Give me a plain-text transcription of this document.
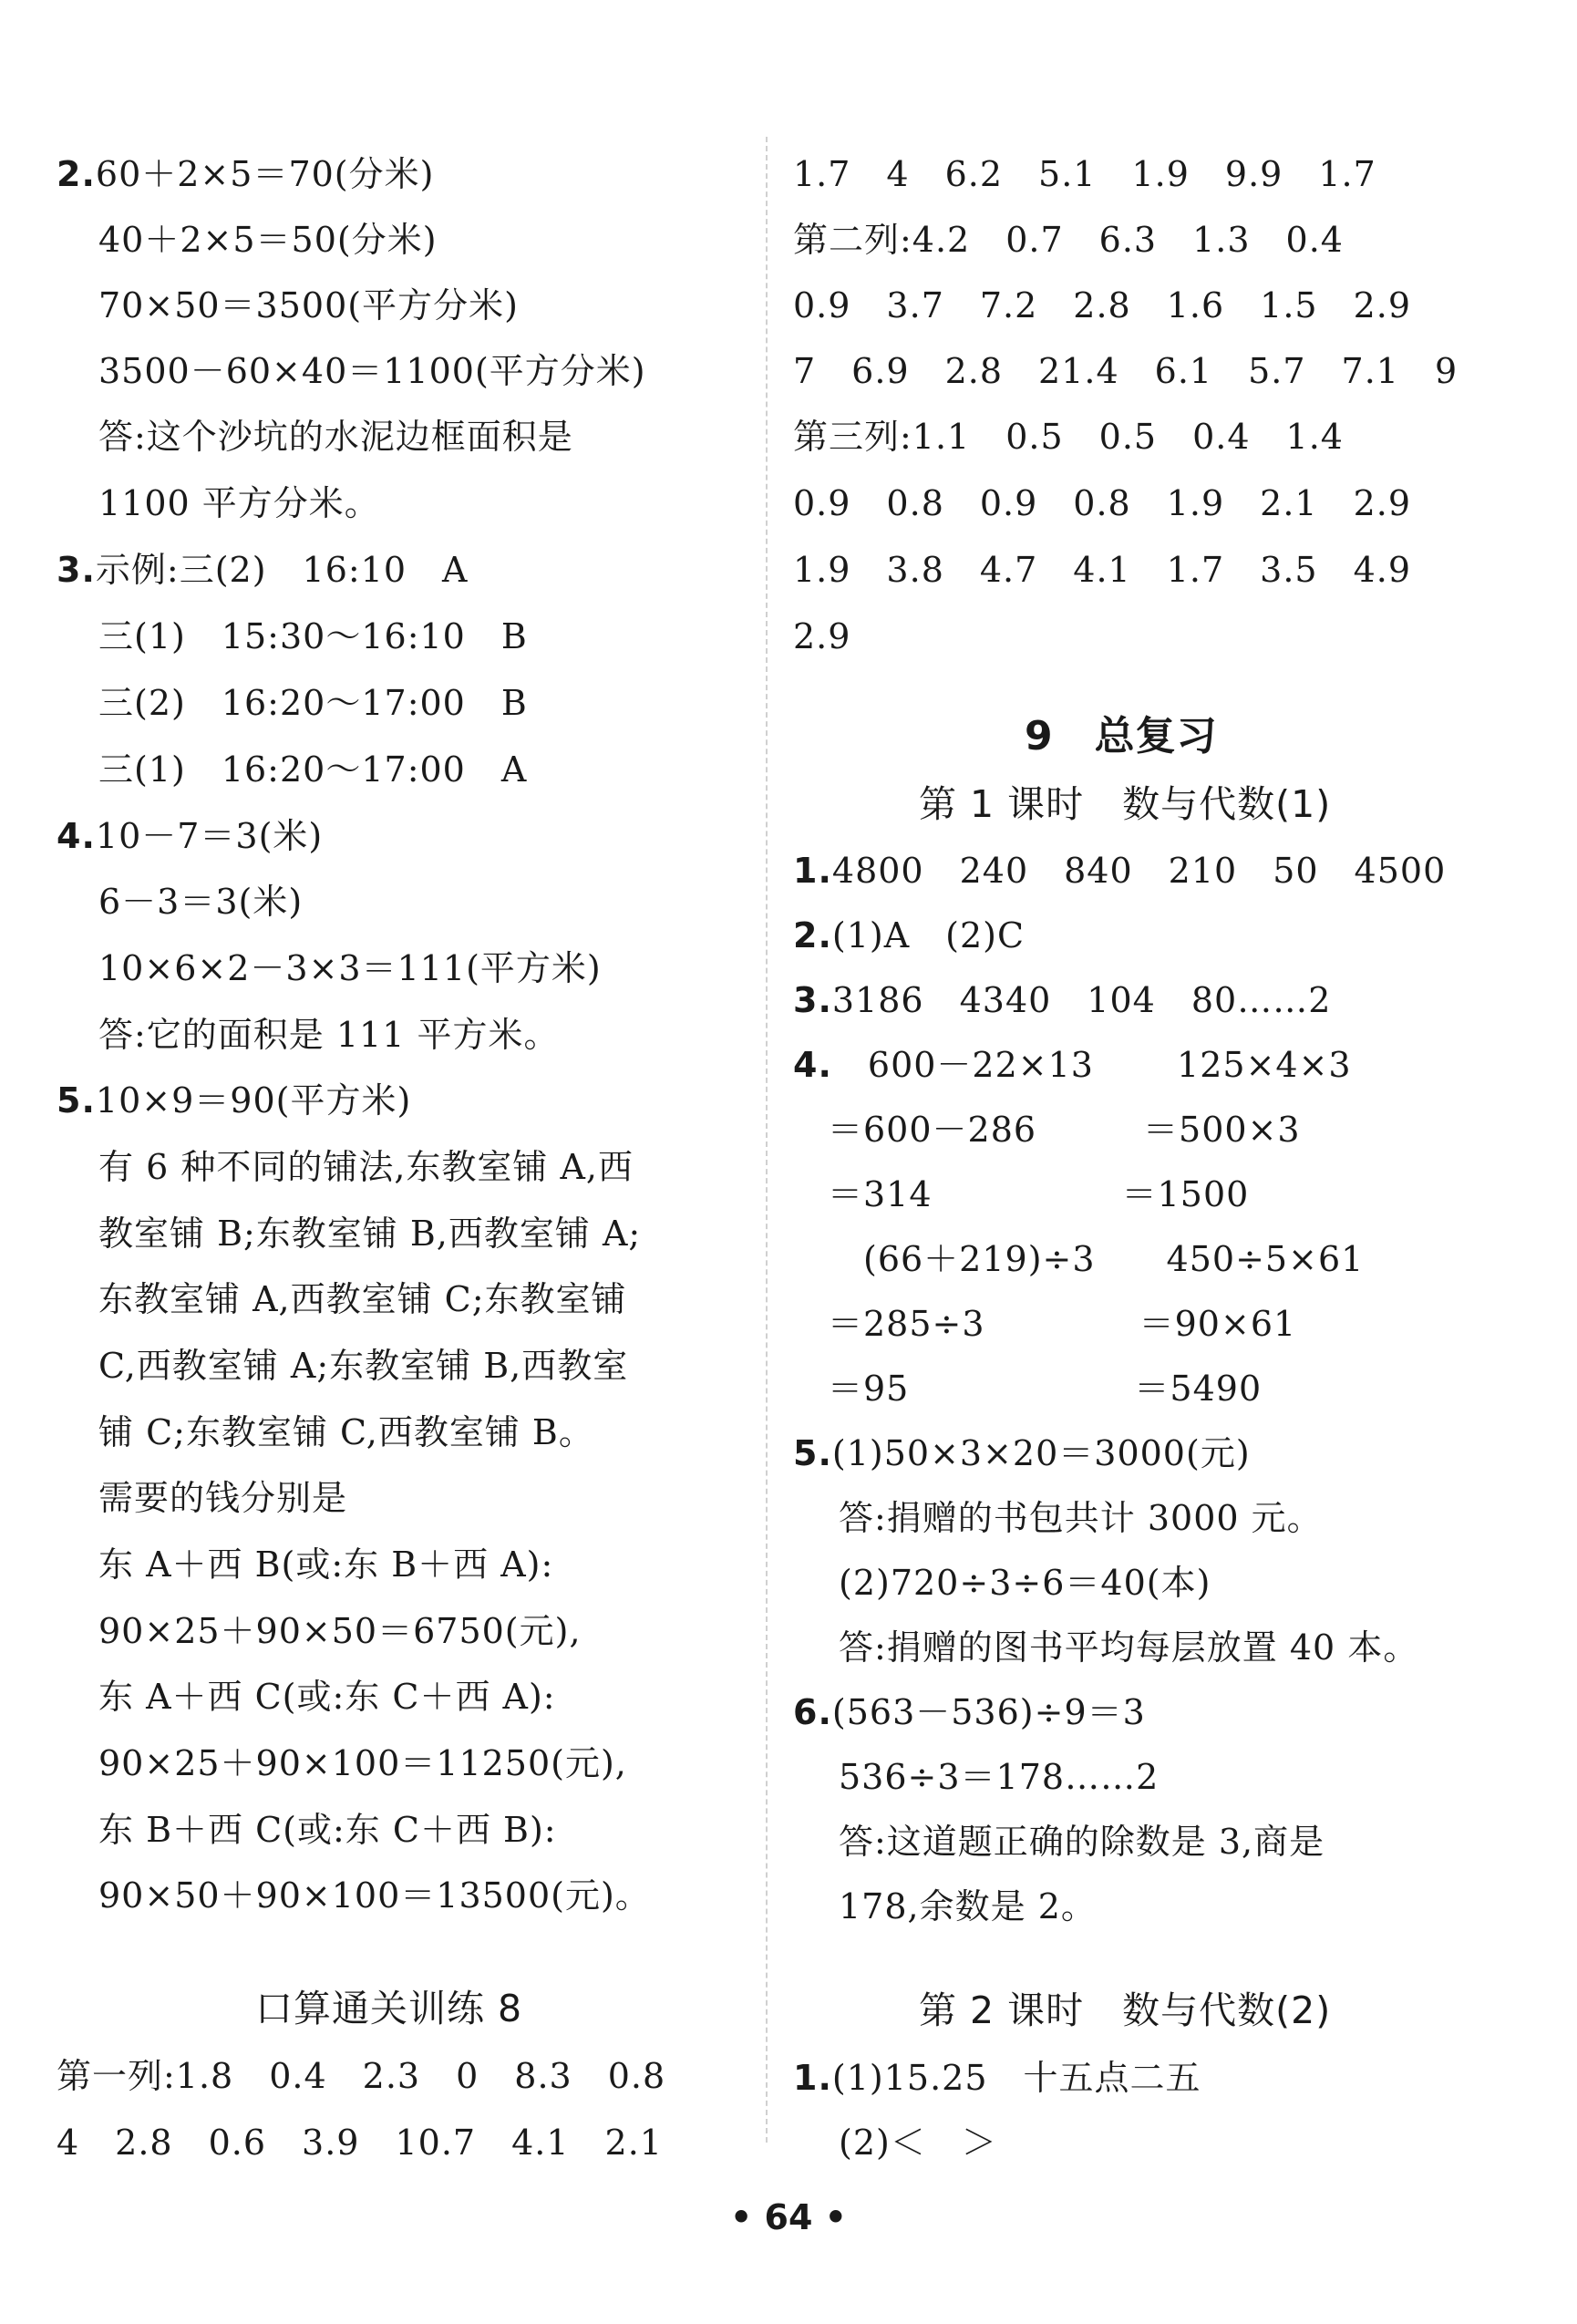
2.60＋2×5＝70(分米)
40＋2×5＝50(分米)
70×50＝3500(平方分米)
3500－60×40＝1100(平方分米)
答:这个沙坑的水泥边框面积是
1100 平方分米。
3.示例:三(2)　16:10　A
三(1)　15:30～16:10　B
三(2)　16:20～17:00　B
三(1)　16:20～17:00　A
4.10－7＝3(米)
6－3＝3(米)
10×6×2－3×3＝111(平方米)
答:它的面积是 111 平方米。
5.10×9＝90(平方米)
有 6 种不同的铺法,东教室铺 A,西
教室铺 B;东教室铺 B,西教室铺 A;
东教室铺 A,西教室铺 C;东教室铺
C,西教室铺 A;东教室铺 B,西教室
铺 C;东教室铺 C,西教室铺 B。
需要的钱分别是
东 A＋西 B(或:东 B＋西 A):
90×25＋90×50＝6750(元),
东 A＋西 C(或:东 C＋西 A):
90×25＋90×100＝11250(元),
东 B＋西 C(或:东 C＋西 B):
90×50＋90×100＝13500(元)。
口算通关训练 8
第一列:1.8　0.4　2.3　0　8.3　0.8
4　2.8　0.6　3.9　10.7　4.1　2.1
1.7　4　6.2　5.1　1.9　9.9　1.7
第二列:4.2　0.7　6.3　1.3　0.4
0.9　3.7　7.2　2.8　1.6　1.5　2.9
7　6.9　2.8　21.4　6.1　5.7　7.1　9
第三列:1.1　0.5　0.5　0.4　1.4
0.9　0.8　0.9　0.8　1.9　2.1　2.9
1.9　3.8　4.7　4.1　1.7　3.5　4.9
2.9
9　总复习
第 1 课时　数与代数(1)
1.4800　240　840　210　50　4500
2.(1)A　(2)C
3.3186　4340　104　80……2
4.　600－22×13　　 125×4×3
＝600－286　　　＝500×3
＝314　　　　　 ＝1500
　(66＋219)÷3　　450÷5×61
＝285÷3　　　　 ＝90×61
＝95　　　　　　 ＝5490
5.(1)50×3×20＝3000(元)
答:捐赠的书包共计 3000 元。
(2)720÷3÷6＝40(本)
答:捐赠的图书平均每层放置 40 本。
6.(563－536)÷9＝3
536÷3＝178……2
答:这道题正确的除数是 3,商是
178,余数是 2。
第 2 课时　数与代数(2)
1.(1)15.25　十五点二五
(2)＜　＞
• 64 •
